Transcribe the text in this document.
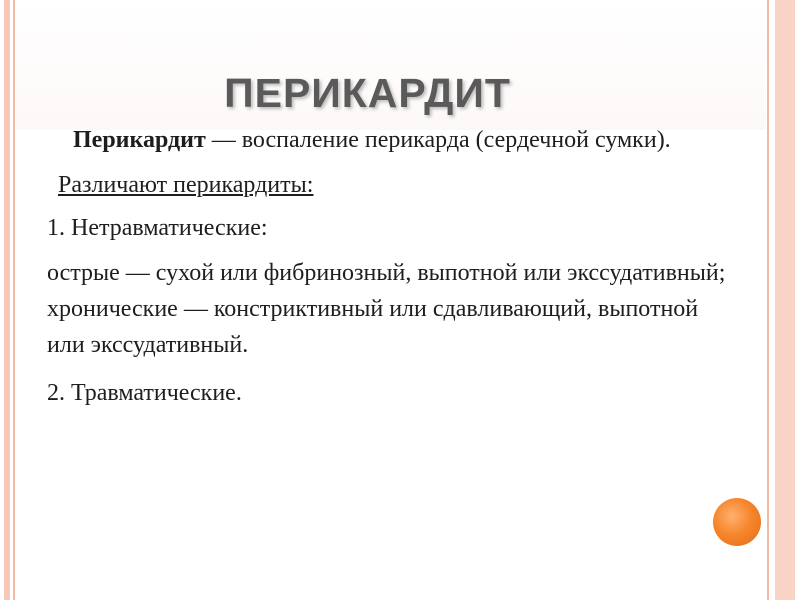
ПЕРИКАРДИТ

Перикардит — воспаление перикарда (сердечной сумки).

Различают перикардиты:

1. Нетравматические:

острые — сухой или фибринозный, выпотной или экссудативный; хронические — констриктивный или сдавливающий, выпотной или экссудативный.

2. Травматические.
